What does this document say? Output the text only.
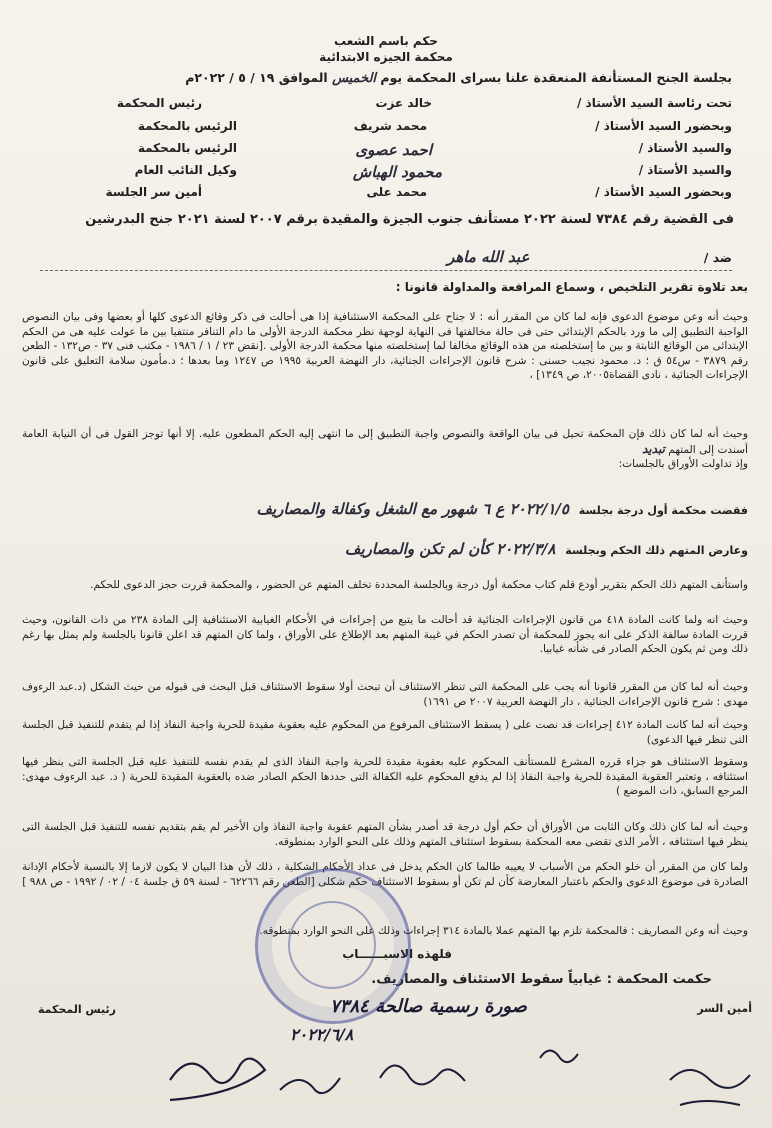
حكم باسم الشعب
محكمة الجيزه الابتدائية
بجلسة الجنح المستأنفة المنعقدة علنا بسراى المحكمة يوم الخميس الموافق ١٩ / ٥ / ٢٠٢٢م
تحت رئاسة السيد الأستاذ /
خالد عزت
رئيس المحكمة
وبحضور السيد الأستاذ /
محمد شريف
الرئيس بالمحكمة
والسيد الأستاذ /
احمد عصوى
الرئيس بالمحكمة
والسيد الأستاذ /
محمود الهباش
وكيل النائب العام
وبحضور السيد الأستاذ /
محمد على
أمين سر الجلسة
فى القضية رقم ٧٣٨٤ لسنة ٢٠٢٢ مستأنف جنوب الجيزة والمقيدة برقم ٢٠٠٧ لسنة ٢٠٢١ جنح البدرشين
ضد / عبد الله ماهر
بعد تلاوة تقرير التلخيص ، وسماع المرافعة والمداولة قانونا :
وحيث أنه وعن موضوع الدعوى فإنه لما كان من المقرر أنه : لا جناح على المحكمة الاستئنافية إذا هى أحالت فى ذكر وقائع الدعوى كلها أو بعضها وفى بيان النصوص الواجبة التطبيق إلى ما ورد بالحكم الإبتدائى حتى فى حالة مخالفتها فى النهاية لوجهة نظر محكمة الدرجة الأولى ما دام التنافر منتفيا بين ما عولت عليه هى من الحكم الإبتدائى من الوقائع الثابتة و بين ما إستخلصته من هذه الوقائع مخالفا لما إستخلصته منها محكمة الدرجة الأولى .[نقض ٢٣ / ١ / ١٩٨٦ - مكتب فنى ٣٧ - ص١٣٢ - الطعن رقم ٣٨٧٩ - س٥٤ ق ؛ د. محمود نجيب حسنى : شرح قانون الإجراءات الجنائية، دار النهضة العربية ١٩٩٥ ص ١٢٤٧ وما بعدها ؛ د.مأمون سلامة التعليق على قانون الإجراءات الجنائية ، نادى القضاة٢٠٠٥، ص ١٣٤٩] ،
وحيث أنه لما كان ذلك فإن المحكمة تحيل فى بيان الواقعة والنصوص واجبة التطبيق إلى ما انتهى إليه الحكم المطعون عليه. إلا أنها توجز القول فى أن النيابة العامة أسندت إلى المتهم تبديد
وإذ تداولت الأوراق بالجلسات:
فقضت محكمة أول درجة بجلسة ٢٠٢٢/١/٥ ع ٦ شهور مع الشغل وكفالة والمصاريف
وعارض المتهم ذلك الحكم وبجلسة ٢٠٢٢/٣/٨ كأن لم تكن والمصاريف
واستأنف المتهم ذلك الحكم بتقرير أودع قلم كتاب محكمة أول درجة وبالجلسة المحددة تخلف المتهم عن الحضور ، والمحكمة قررت حجز الدعوى للحكم.
وحيث انه ولما كانت المادة ٤١٨ من قانون الإجراءات الجنائية قد أحالت ما يتبع من إجراءات في الأحكام الغيابية الاستئنافية إلى المادة ٢٣٨ من ذات القانون، وحيث قررت المادة سالفة الذكر على انه يجوز للمحكمة أن تصدر الحكم في غيبة المتهم بعد الإطلاع على الأوراق ، ولما كان المتهم قد اعلن قانونا بالجلسة ولم يمثل بها رغم ذلك ومن ثم يكون الحكم الصادر فى شأنه غيابيا.
وحيث أنه لما كان من المقرر قانونا أنه يجب على المحكمة التى تنظر الاستئناف أن تبحث أولا سقوط الاستئناف قبل البحث فى قبوله من حيث الشكل (د.عبد الرءوف مهدى : شرح قانون الإجراءات الجنائية ، دار النهضة العربية ٢٠٠٧ ص ١٦٩١)
وحيث أنه لما كانت المادة ٤١٢ إجراءات قد نصت على ( يسقط الاستئناف المرفوع من المحكوم عليه بعقوبة مقيدة للحرية واجبة النفاذ إذا لم يتقدم للتنفيذ قبل الجلسة التى تنظر فيها الدعوى)
وسقوط الاستئناف هو جزاء قرره المشرع للمستأنف المحكوم عليه بعقوبة مقيدة للحرية واجبة النفاذ الذى لم يقدم نفسه للتنفيذ عليه قبل الجلسة التى ينظر فيها استئنافه ، وتعتبر العقوبة المقيدة للحرية واجبة النفاذ إذا لم يدفع المحكوم عليه الكفالة التى حددها الحكم الصادر ضده بالعقوبة المقيدة للحرية ( د. عبد الرءوف مهدى: المرجع السابق، ذات الموضع )
وحيث أنه لما كان ذلك وكان الثابت من الأوراق أن حكم أول درجة قد أصدر بشأن المتهم عقوبة واجبة النفاذ وان الأخير لم يقم بتقديم نفسه للتنفيذ قبل الجلسة التى ينظر فيها استئنافه ، الأمر الذى تقضى معه المحكمة بسقوط استئناف المتهم وذلك على النحو الوارد بمنطوقه.
ولما كان من المقرر أن خلو الحكم من الأسباب لا يعيبه طالما كان الحكم يدخل فى عداد الأحكام الشكلية ، ذلك لأن هذا البيان لا يكون لازما إلا بالنسبة لأحكام الإدانة الصادرة فى موضوع الدعوى والحكم باعتبار المعارضة كأن لم تكن أو بسقوط الاستئناف حكم شكلى [الطعن رقم ٦٢٢٦٦ - لسنة ٥٩ ق جلسة ٠٤ / ٠٢ / ١٩٩٢ - ص ٩٨٨ ]
وحيث أنه وعن المصاريف : فالمحكمة تلزم بها المتهم عملا بالمادة ٣١٤ إجراءات وذلك على النحو الوارد بمنطوقه.
فلهذه الاسبــــــاب
حكمت المحكمة : غيابياً سقوط الاستئناف والمصاريف.
أمين السر
رئيس المحكمة	صورة رسمية صالحة ٧٣٨٤
٢٠٢٢/٦/٨
